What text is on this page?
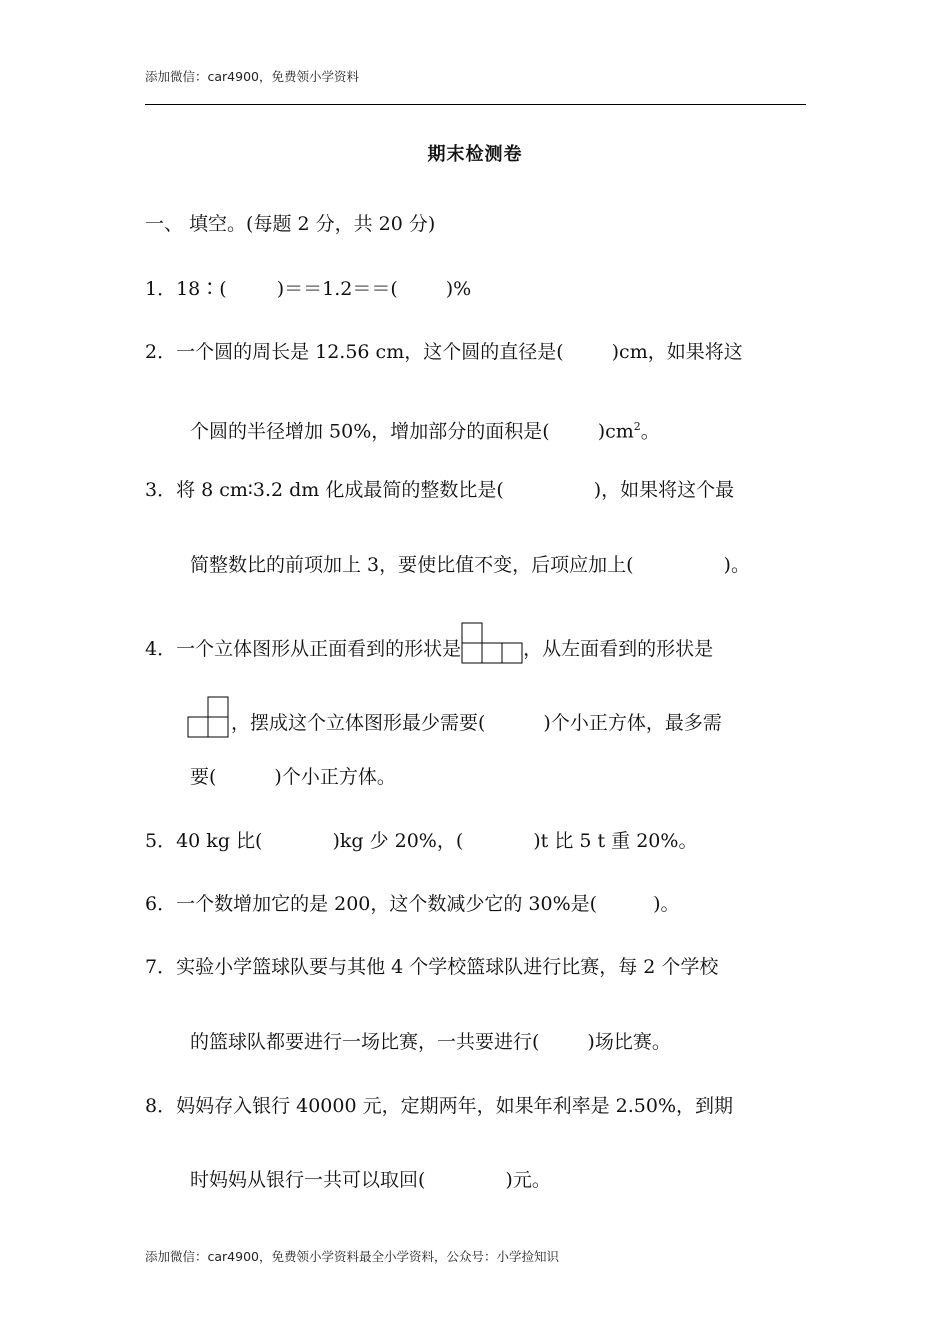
添加微信：car4900，免费领小学资料
期末检测卷
一、 填空。(每题 2 分，共 20 分)
1．18∶(	)＝＝1.2＝＝(	)%
2．一个圆的周长是 12.56 cm，这个圆的直径是(	)cm，如果将这
个圆的半径增加 50%，增加部分的面积是(	)$cm^2$。
3．将 8 cm∶3.2 dm 化成最简的整数比是(	)，如果将这个最
简整数比的前项加上 3，要使比值不变，后项应加上(	)。
4．一个立体图形从正面看到的形状是	，从左面看到的形状是
，摆成这个立体图形最少需要(	)个小正方体，最多需
要(	)个小正方体。
5．40 kg 比(	)kg 少 20%，(	)t 比 5 t 重 20%。
6．一个数增加它的是 200，这个数减少它的 30%是(	)。
7．实验小学篮球队要与其他 4 个学校篮球队进行比赛，每 2 个学校
的篮球队都要进行一场比赛，一共要进行(	)场比赛。
8．妈妈存入银行 40000 元，定期两年，如果年利率是 2.50%，到期
时妈妈从银行一共可以取回(	)元。
添加微信：car4900，免费领小学资料最全小学资料，公众号：小学捡知识
